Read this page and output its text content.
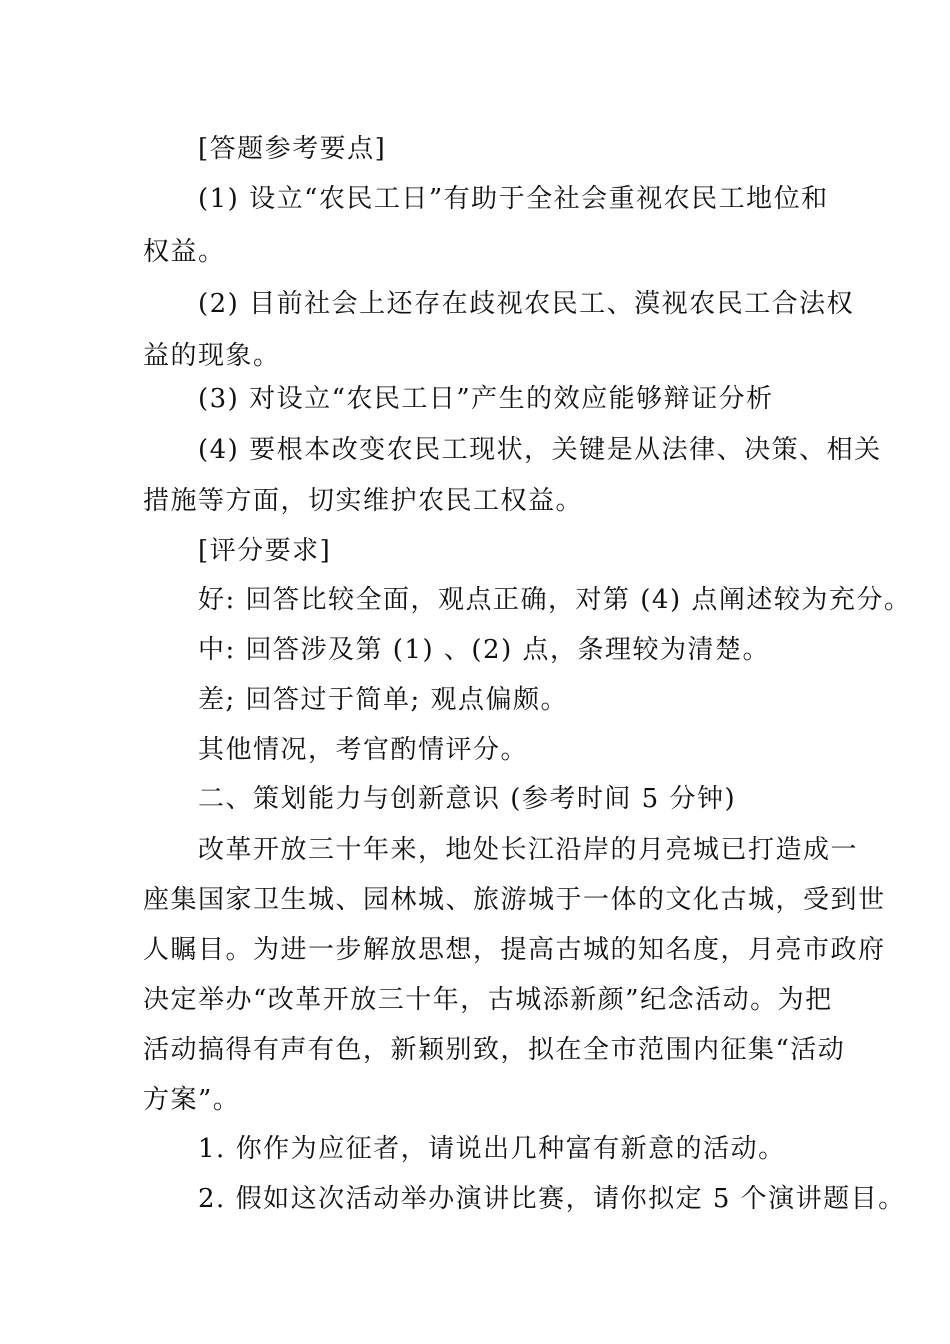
[答题参考要点]
(1) 设立“农民工日”有助于全社会重视农民工地位和
权益。
(2) 目前社会上还存在歧视农民工、漠视农民工合法权
益的现象。
(3) 对设立“农民工日”产生的效应能够辩证分析
(4) 要根本改变农民工现状，关键是从法律、决策、相关
措施等方面，切实维护农民工权益。
[评分要求]
好: 回答比较全面，观点正确，对第 (4) 点阐述较为充分。
中: 回答涉及第 (1) 、(2) 点，条理较为清楚。
差; 回答过于简单; 观点偏颇。
其他情况，考官酌情评分。
二、策划能力与创新意识 (参考时间 5 分钟)
改革开放三十年来，地处长江沿岸的月亮城已打造成一
座集国家卫生城、园林城、旅游城于一体的文化古城，受到世
人瞩目。为进一步解放思想，提高古城的知名度，月亮市政府
决定举办“改革开放三十年，古城添新颜”纪念活动。为把
活动搞得有声有色，新颖别致，拟在全市范围内征集“活动
方案”。
1. 你作为应征者，请说出几种富有新意的活动。
2. 假如这次活动举办演讲比赛，请你拟定 5 个演讲题目。
